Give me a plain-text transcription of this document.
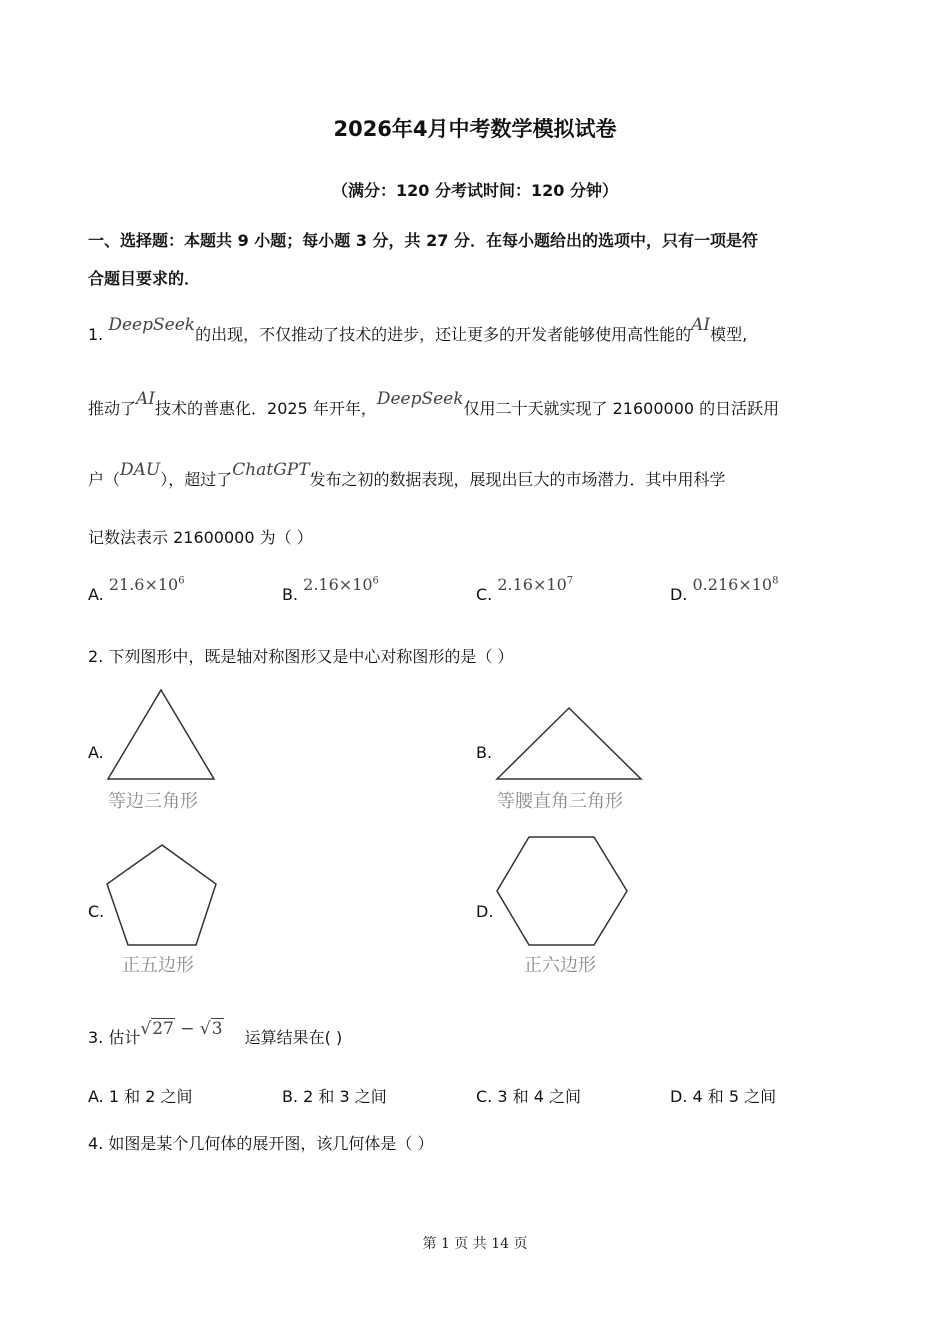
2026年4月中考数学模拟试卷
（满分：120 分考试时间：120 分钟）
一、选择题：本题共 9 小题；每小题 3 分，共 27 分．在每小题给出的选项中，只有一项是符
合题目要求的．
1. DeepSeek的出现，不仅推动了技术的进步，还让更多的开发者能够使用高性能的AI模型,
推动了AI技术的普惠化．2025 年开年，DeepSeek仅用二十天就实现了 21600000 的日活跃用
户（DAU），超过了ChatGPT发布之初的数据表现，展现出巨大的市场潜力．其中用科学
记数法表示 21600000 为（ ）
A. $21.6\times 10^6$
B. $2.16\times 10^6$
C. $2.16\times 10^7$
D. $0.216\times 10^8$
2. 下列图形中，既是轴对称图形又是中心对称图形的是（ ）
A.
等边三角形
B.
等腰直角三角形
C.
正五边形
D.
正六边形
3. 估计√27 − √3 运算结果在( )
A. 1 和 2 之间	B. 2 和 3 之间	C. 3 和 4 之间	D. 4 和 5 之间
4. 如图是某个几何体的展开图，该几何体是（ ）
第 1 页 共 14 页
